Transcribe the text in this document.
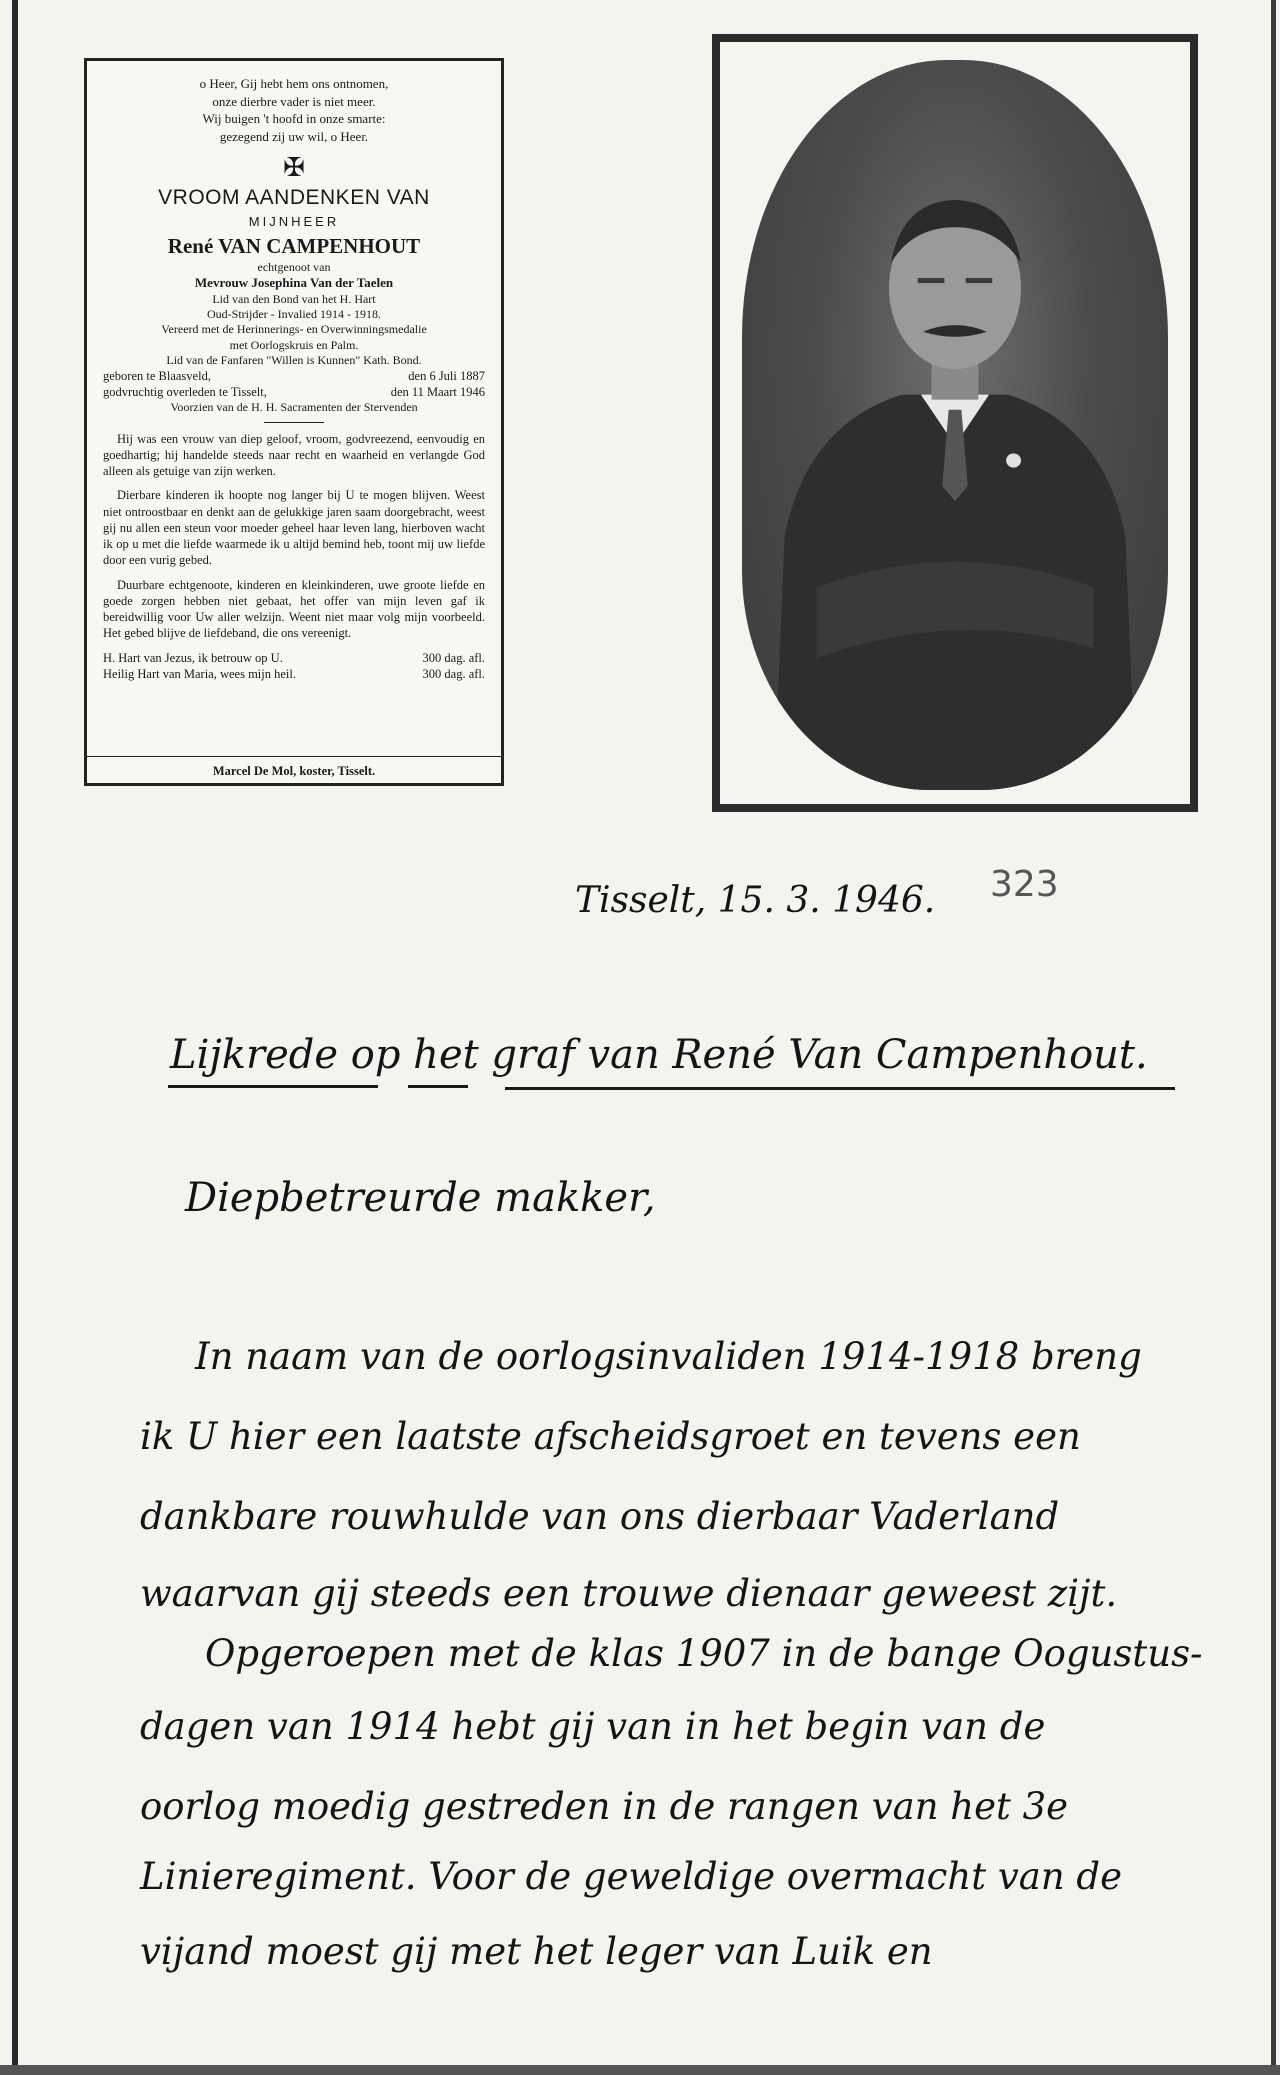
o Heer, Gij hebt hem ons ontnomen,
onze dierbre vader is niet meer.
Wij buigen 't hoofd in onze smarte:
gezegend zij uw wil, o Heer.
✠
VROOM AANDENKEN VAN
MIJNHEER
René VAN CAMPENHOUT
echtgenoot van
Mevrouw Josephina Van der Taelen
Lid van den Bond van het H. Hart
Oud-Strijder - Invalied 1914 - 1918.
Vereerd met de Herinnerings- en Overwinningsmedalie
met Oorlogskruis en Palm.
Lid van de Fanfaren "Willen is Kunnen" Kath. Bond.
geboren te Blaasveld,	den 6 Juli 1887
godvruchtig overleden te Tisselt,	den 11 Maart 1946
Voorzien van de H. H. Sacramenten der Stervenden

Hij was een vrouw van diep geloof, vroom, godvreezend, eenvoudig en goedhartig; hij handelde steeds naar recht en waarheid en verlangde God alleen als getuige van zijn werken.

Dierbare kinderen ik hoopte nog langer bij U te mogen blijven. Weest niet ontroostbaar en denkt aan de gelukkige jaren saam doorgebracht, weest gij nu allen een steun voor moeder geheel haar leven lang, hierboven wacht ik op u met die liefde waarmede ik u altijd bemind heb, toont mij uw liefde door een vurig gebed.

Duurbare echtgenoote, kinderen en kleinkinderen, uwe groote liefde en goede zorgen hebben niet gebaat, het offer van mijn leven gaf ik bereidwillig voor Uw aller welzijn. Weent niet maar volg mijn voorbeeld. Het gebed blijve de liefdeband, die ons vereenigt.

H. Hart van Jezus, ik betrouw op U.	300 dag. afl.
Heilig Hart van Maria, wees mijn heil.	300 dag. afl.
Marcel De Mol, koster, Tisselt.
Tisselt, 15. 3. 1946. 323
Lijkrede op het graf van René Van Campenhout.
Diepbetreurde makker,
In naam van de oorlogsinvaliden 1914-1918 breng
ik U hier een laatste afscheidsgroet en tevens een
dankbare rouwhulde van ons dierbaar Vaderland
waarvan gij steeds een trouwe dienaar geweest zijt.
Opgeroepen met de klas 1907 in de bange Oogustus-
dagen van 1914 hebt gij van in het begin van de
oorlog moedig gestreden in de rangen van het 3e
Linieregiment. Voor de geweldige overmacht van de
vijand moest gij met het leger van Luik en
